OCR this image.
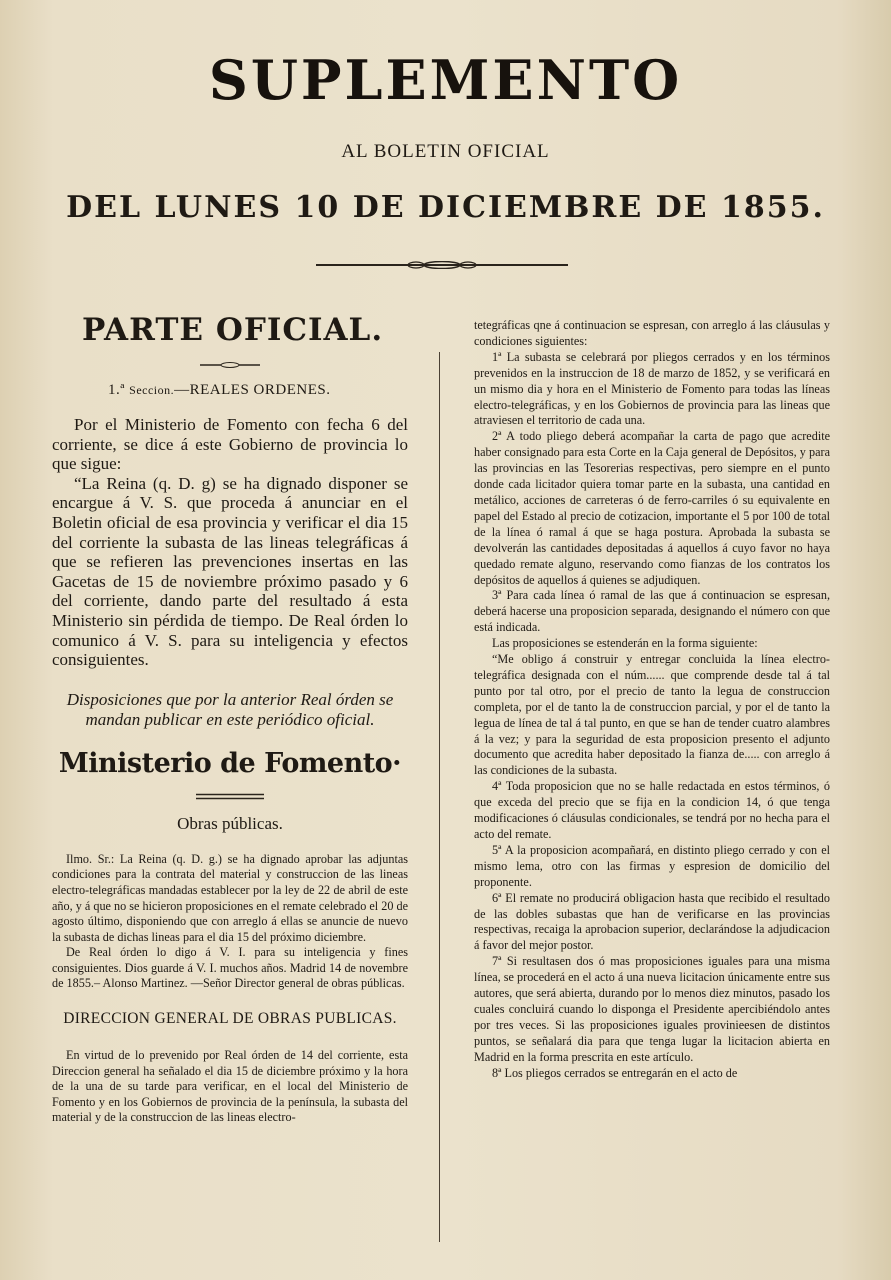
SUPLEMENTO
AL BOLETIN OFICIAL
DEL LUNES 10 DE DICIEMBRE DE 1855.
PARTE OFICIAL.
1.ª Seccion.—REALES ORDENES.

Por el Ministerio de Fomento con fecha 6 del corriente, se dice á este Gobierno de provincia lo que sigue:

“La Reina (q. D. g) se ha dignado disponer se encargue á V. S. que proceda á anunciar en el Boletin oficial de esa provincia y verificar el dia 15 del corriente la subasta de las lineas telegráficas á que se refieren las prevenciones insertas en las Gacetas de 15 de noviembre próximo pasado y 6 del corriente, dando parte del resultado á esta Ministerio sin pérdida de tiempo. De Real órden lo comunico á V. S. para su inteligencia y efectos consiguientes.

Disposiciones que por la anterior Real órden se mandan publicar en este periódico oficial.
Ministerio de Fomento·
Obras públicas.

Ilmo. Sr.: La Reina (q. D. g.) se ha dignado aprobar las adjuntas condiciones para la contrata del material y construccion de las lineas electro-telegráficas mandadas establecer por la ley de 22 de abril de este año, y á que no se hicieron proposiciones en el remate celebrado el 20 de agosto último, disponiendo que con arreglo á ellas se anuncie de nuevo la subasta de dichas lineas para el dia 15 del próximo diciembre.

De Real órden lo digo á V. I. para su inteligencia y fines consiguientes. Dios guarde á V. I. muchos años. Madrid 14 de novembre de 1855.– Alonso Martinez. —Señor Director general de obras públicas.

DIRECCION GENERAL DE OBRAS PUBLICAS.

En virtud de lo prevenido por Real órden de 14 del corriente, esta Direccion general ha señalado el dia 15 de diciembre próximo y la hora de la una de su tarde para verificar, en el local del Ministerio de Fomento y en los Gobiernos de provincia de la península, la subasta del material y de la construccion de las lineas electro-

tetegráficas qne á continuacion se espresan, con arreglo á las cláusulas y condiciones siguientes:

1ª La subasta se celebrará por pliegos cerrados y en los términos prevenidos en la instruccion de 18 de marzo de 1852, y se verificará en un mismo dia y hora en el Ministerio de Fomento para todas las líneas electro-telegráficas, y en los Gobiernos de provincia para las lineas que atraviesen el territorio de cada una.

2ª A todo pliego deberá acompañar la carta de pago que acredite haber consignado para esta Corte en la Caja general de Depósitos, y para las provincias en las Tesorerias respectivas, pero siempre en el punto donde cada licitador quiera tomar parte en la subasta, una cantidad en metálico, acciones de carreteras ó de ferro-carriles ó su equivalente en papel del Estado al precio de cotizacion, importante el 5 por 100 de total de la línea ó ramal á que se haga postura. Aprobada la subasta se devolverán las cantidades depositadas á aquellos á cuyo favor no haya quedado remate alguno, reservando como fianzas de los contratos los depósitos de aquellos á quienes se adjudiquen.

3ª Para cada línea ó ramal de las que á continuacion se espresan, deberá hacerse una proposicion separada, designando el número con que está indicada.

Las proposiciones se estenderán en la forma siguiente:

“Me obligo á construir y entregar concluida la línea electro-telegráfica designada con el núm...... que comprende desde tal á tal punto por tal otro, por el precio de tanto la legua de construccion completa, por el de tanto la de construccion parcial, y por el de tanto la legua de línea de tal á tal punto, en que se han de tender cuatro alambres á la vez; y para la seguridad de esta proposicion presento el adjunto documento que acredita haber depositado la fianza de..... con arreglo á las condiciones de la subasta.

4ª Toda proposicion que no se halle redactada en estos términos, ó que exceda del precio que se fija en la condicion 14, ó que tenga modificaciones ó cláusulas condicionales, se tendrá por no hecha para el acto del remate.

5ª A la proposicion acompañará, en distinto pliego cerrado y con el mismo lema, otro con las firmas y espresion de domicilio del proponente.

6ª El remate no producirá obligacion hasta que recibido el resultado de las dobles subastas que han de verificarse en las provincias respectivas, recaiga la aprobacion superior, declarándose la adjudicacion á favor del mejor postor.

7ª Si resultasen dos ó mas proposiciones iguales para una misma línea, se procederá en el acto á una nueva licitacion únicamente entre sus autores, que será abierta, durando por lo menos diez minutos, pasado los cuales concluirá cuando lo disponga el Presidente apercibiéndolo antes por tres veces. Si las proposiciones iguales provinieesen de distintos puntos, se señalará dia para que tenga lugar la licitacion abierta en Madrid en la forma prescrita en este artículo.

8ª Los pliegos cerrados se entregarán en el acto de
